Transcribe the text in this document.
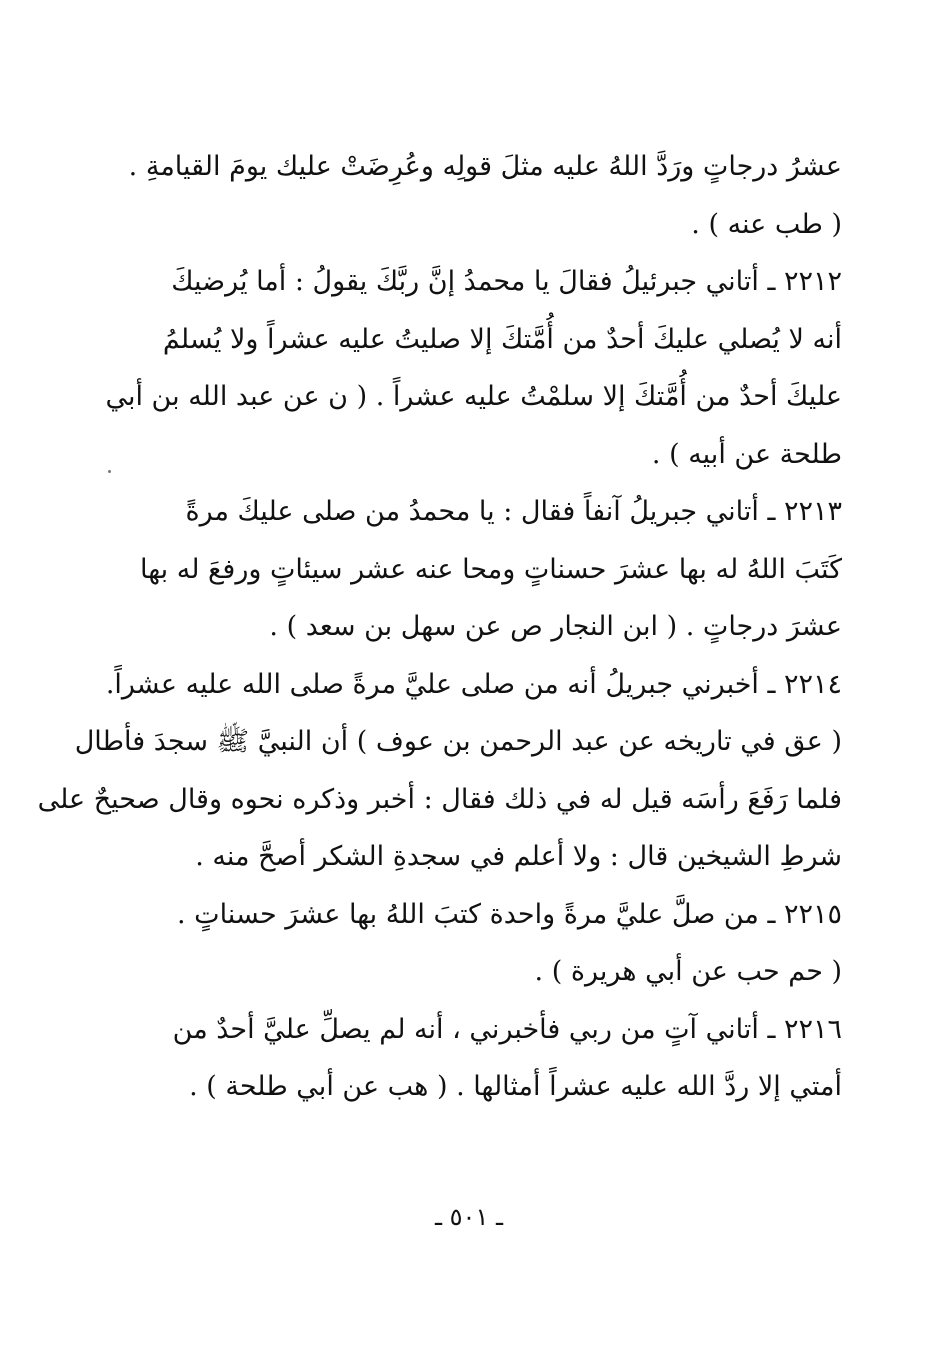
عشرُ درجاتٍ ورَدَّ اللهُ عليه مثلَ قولِه وعُرِضَتْ عليك يومَ القيامةِ .
( طب عنه ) .
٢٢١٢ ـ أتاني جبرئيلُ فقالَ يا محمدُ إنَّ ربَّكَ يقولُ : أما يُرضيكَ
أنه لا يُصلي عليكَ أحدٌ من أُمَّتكَ إلا صليتُ عليه عشراً ولا يُسلمُ
عليكَ أحدٌ من أُمَّتكَ إلا سلمْتُ عليه عشراً . ( ن عن عبد الله بن أبي
طلحة عن أبيه ) .
٢٢١٣ ـ أتاني جبريلُ آنفاً فقال : يا محمدُ من صلى عليكَ مرةً
كَتَبَ اللهُ له بها عشرَ حسناتٍ ومحا عنه عشر سيئاتٍ ورفعَ له بها
عشرَ درجاتٍ . ( ابن النجار ص عن سهل بن سعد ) .
٢٢١٤ ـ أخبرني جبريلُ أنه من صلى عليَّ مرةً صلى الله عليه عشراً.
( عق في تاريخه عن عبد الرحمن بن عوف ) أن النبيَّ ﷺ سجدَ فأطال
فلما رَفَعَ رأسَه قيل له في ذلك فقال : أخبر وذكره نحوه وقال صحيحٌ على
شرطِ الشيخين قال : ولا أعلم في سجدةِ الشكر أصحَّ منه .
٢٢١٥ ـ من صلَّ عليَّ مرةً واحدة كتبَ اللهُ بها عشرَ حسناتٍ .
( حم حب عن أبي هريرة ) .
٢٢١٦ ـ أتاني آتٍ من ربي فأخبرني ، أنه لم يصلِّ عليَّ أحدٌ من
أمتي إلا ردَّ الله عليه عشراً أمثالها . ( هب عن أبي طلحة ) .
ـ ٥٠١ ـ
